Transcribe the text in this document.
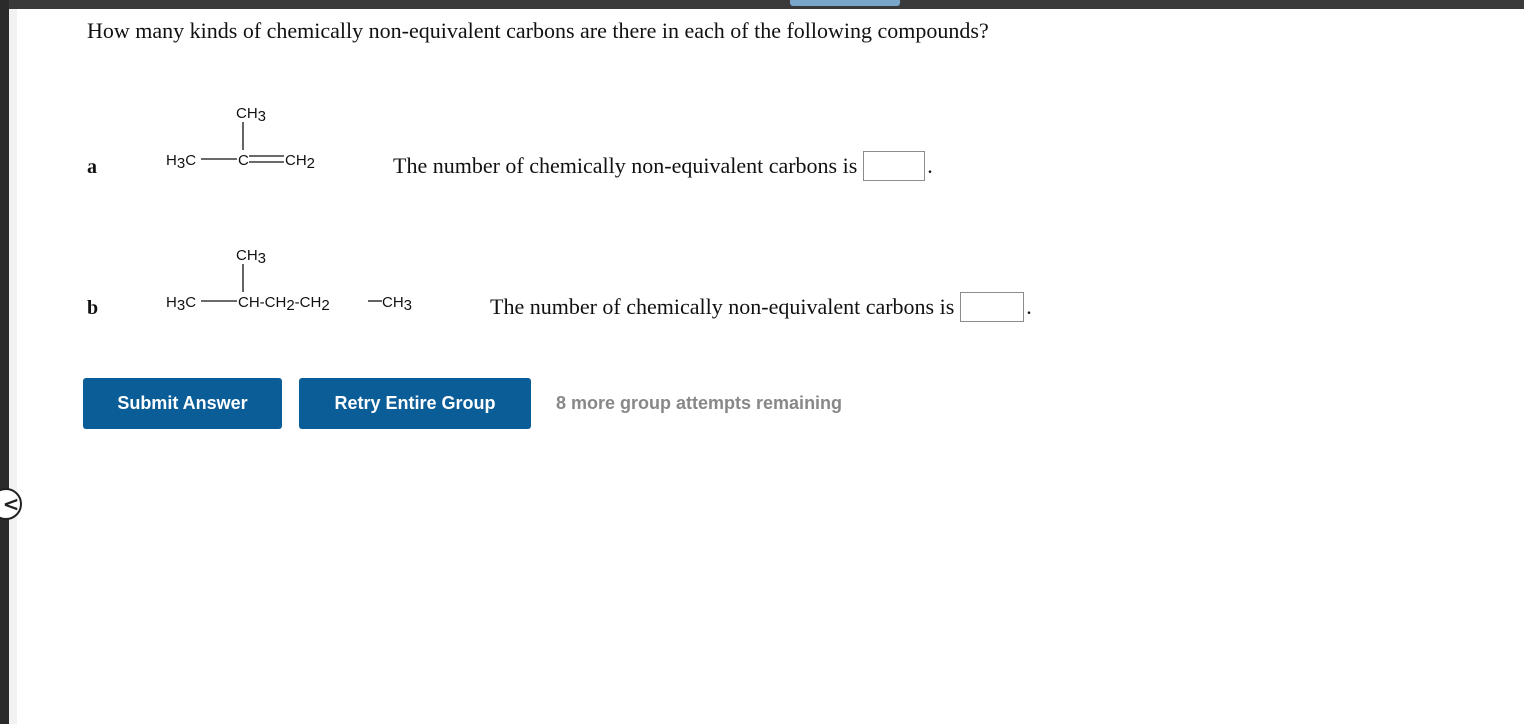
<
How many kinds of chemically non-equivalent carbons are there in each of the following compounds?
a
CH3
H3C	C CH2	The number of chemically non-equivalent carbons is	.
b
CH3
H3C	CH-CH2-CH2	CH3	The number of chemically non-equivalent carbons is	.
Submit Answer	Retry Entire Group	8 more group attempts remaining
